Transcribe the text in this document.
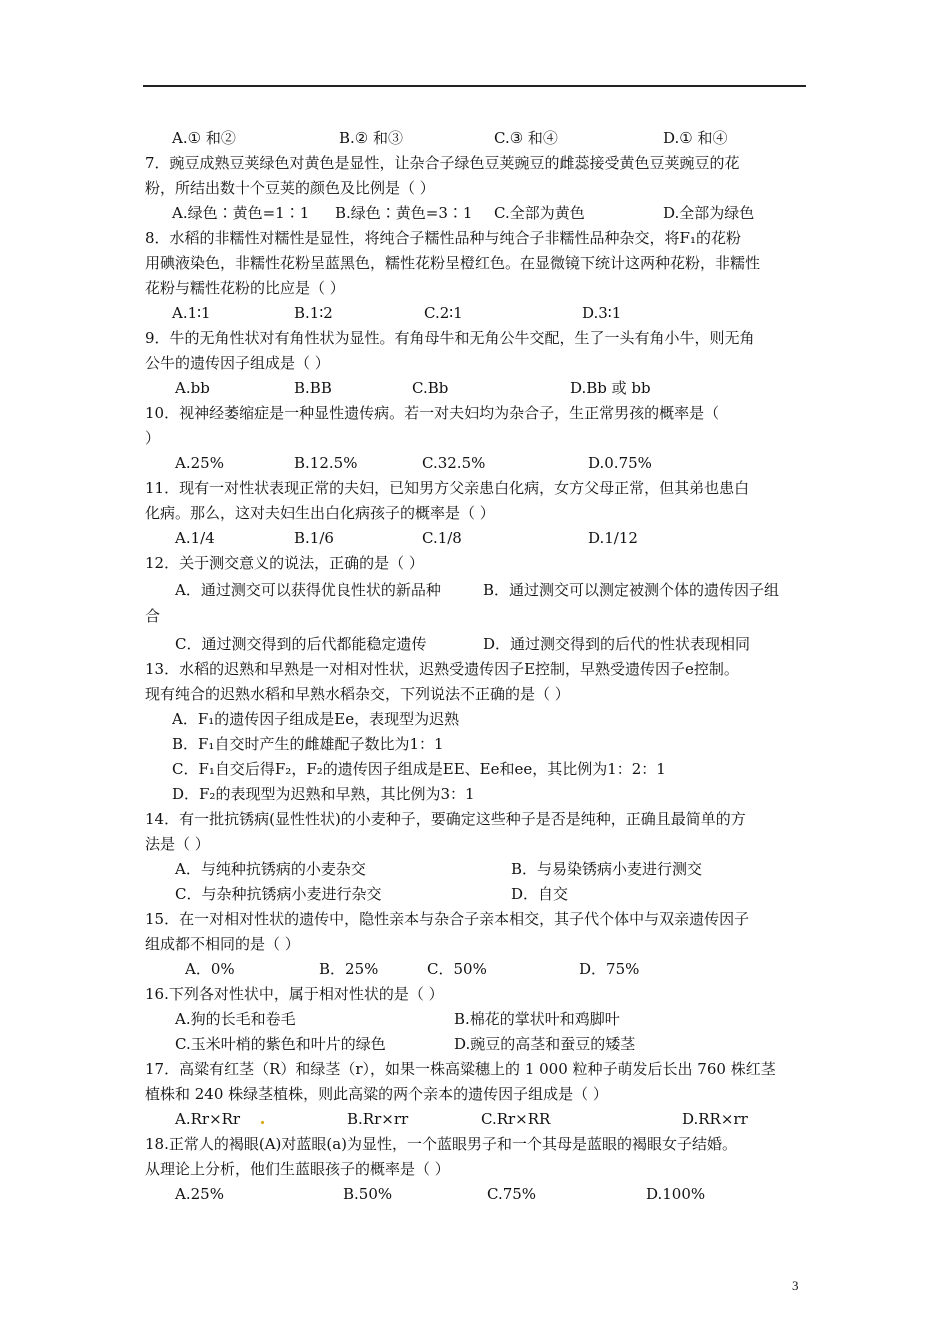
A.① 和②	B.② 和③	C.③ 和④	D.① 和④
7．豌豆成熟豆荚绿色对黄色是显性，让杂合子绿色豆荚豌豆的雌蕊接受黄色豆荚豌豆的花
粉，所结出数十个豆荚的颜色及比例是（ ）
A.绿色∶黄色=1∶1 B.绿色∶黄色=3∶1 C.全部为黄色	D.全部为绿色
8．水稻的非糯性对糯性是显性，将纯合子糯性品种与纯合子非糯性品种杂交，将F₁的花粉
用碘液染色，非糯性花粉呈蓝黑色，糯性花粉呈橙红色。在显微镜下统计这两种花粉，非糯性
花粉与糯性花粉的比应是（ ）
A.1∶1	B.1∶2	C.2∶1	D.3∶1
9．牛的无角性状对有角性状为显性。有角母牛和无角公牛交配，生了一头有角小牛，则无角
公牛的遗传因子组成是（ ）
A.bb	B.BB	C.Bb	D.Bb 或 bb
10．视神经萎缩症是一种显性遗传病。若一对夫妇均为杂合子，生正常男孩的概率是（
）
A.25%	B.12.5%	C.32.5%	D.0.75%
11．现有一对性状表现正常的夫妇，已知男方父亲患白化病，女方父母正常，但其弟也患白
化病。那么，这对夫妇生出白化病孩子的概率是（ ）
A.1/4	B.1/6	C.1/8	D.1/12
12．关于测交意义的说法，正确的是（ ）
A．通过测交可以获得优良性状的新品种	B．通过测交可以测定被测个体的遗传因子组
合
C．通过测交得到的后代都能稳定遗传	D．通过测交得到的后代的性状表现相同
13．水稻的迟熟和早熟是一对相对性状，迟熟受遗传因子E控制，早熟受遗传因子e控制。
现有纯合的迟熟水稻和早熟水稻杂交，下列说法不正确的是（ ）
A．F₁的遗传因子组成是Ee，表现型为迟熟
B．F₁自交时产生的雌雄配子数比为1：1
C．F₁自交后得F₂，F₂的遗传因子组成是EE、Ee和ee，其比例为1：2：1
D．F₂的表现型为迟熟和早熟，其比例为3：1
14．有一批抗锈病(显性性状)的小麦种子，要确定这些种子是否是纯种，正确且最简单的方
法是（ ）
A．与纯种抗锈病的小麦杂交	B．与易染锈病小麦进行测交
C．与杂种抗锈病小麦进行杂交	D．自交
15．在一对相对性状的遗传中，隐性亲本与杂合子亲本相交，其子代个体中与双亲遗传因子
组成都不相同的是（ ）
A．0%	B．25%	C．50%	D．75%
16.下列各对性状中，属于相对性状的是（ ）
A.狗的长毛和卷毛	B.棉花的掌状叶和鸡脚叶
C.玉米叶梢的紫色和叶片的绿色	D.豌豆的高茎和蚕豆的矮茎
17．高粱有红茎（R）和绿茎（r），如果一株高粱穗上的 1 000 粒种子萌发后长出 760 株红茎
植株和 240 株绿茎植株，则此高粱的两个亲本的遗传因子组成是（ ）
A.Rr×Rr	B.Rr×rr	C.Rr×RR	D.RR×rr
18.正常人的褐眼(A)对蓝眼(a)为显性，一个蓝眼男子和一个其母是蓝眼的褐眼女子结婚。
从理论上分析，他们生蓝眼孩子的概率是（ ）
A.25%	B.50%	C.75%	D.100%
3
